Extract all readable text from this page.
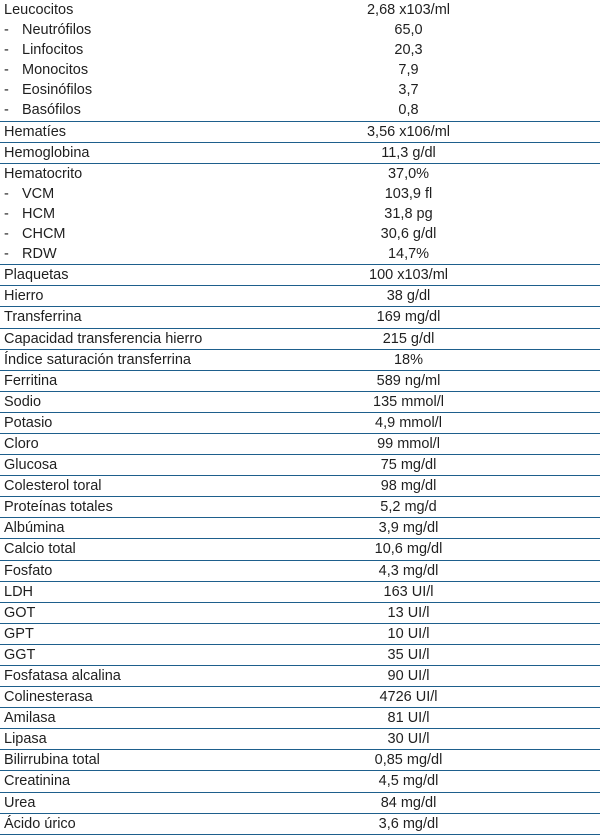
Leucocitos	2,68 x103/ml
- Neutrófilos	65,0
- Linfocitos	20,3
- Monocitos	7,9
- Eosinófilos	3,7
- Basófilos	0,8
Hematíes	3,56 x106/ml
Hemoglobina	11,3 g/dl
Hematocrito	37,0%
- VCM	103,9 fl
- HCM	31,8 pg
- CHCM	30,6 g/dl
- RDW	14,7%
Plaquetas	100 x103/ml
Hierro	38 g/dl
Transferrina	169 mg/dl
Capacidad transferencia hierro	215 g/dl
Índice saturación transferrina	18%
Ferritina	589 ng/ml
Sodio	135 mmol/l
Potasio	4,9 mmol/l
Cloro	99 mmol/l
Glucosa	75 mg/dl
Colesterol toral	98 mg/dl
Proteínas totales	5,2 mg/d
Albúmina	3,9 mg/dl
Calcio total	10,6 mg/dl
Fosfato	4,3 mg/dl
LDH	163 UI/l
GOT	13 UI/l
GPT	10 UI/l
GGT	35 UI/l
Fosfatasa alcalina	90 UI/l
Colinesterasa	4726 UI/l
Amilasa	81 UI/l
Lipasa	30 UI/l
Bilirrubina total	0,85 mg/dl
Creatinina	4,5 mg/dl
Urea	84 mg/dl
Ácido úrico	3,6 mg/dl
